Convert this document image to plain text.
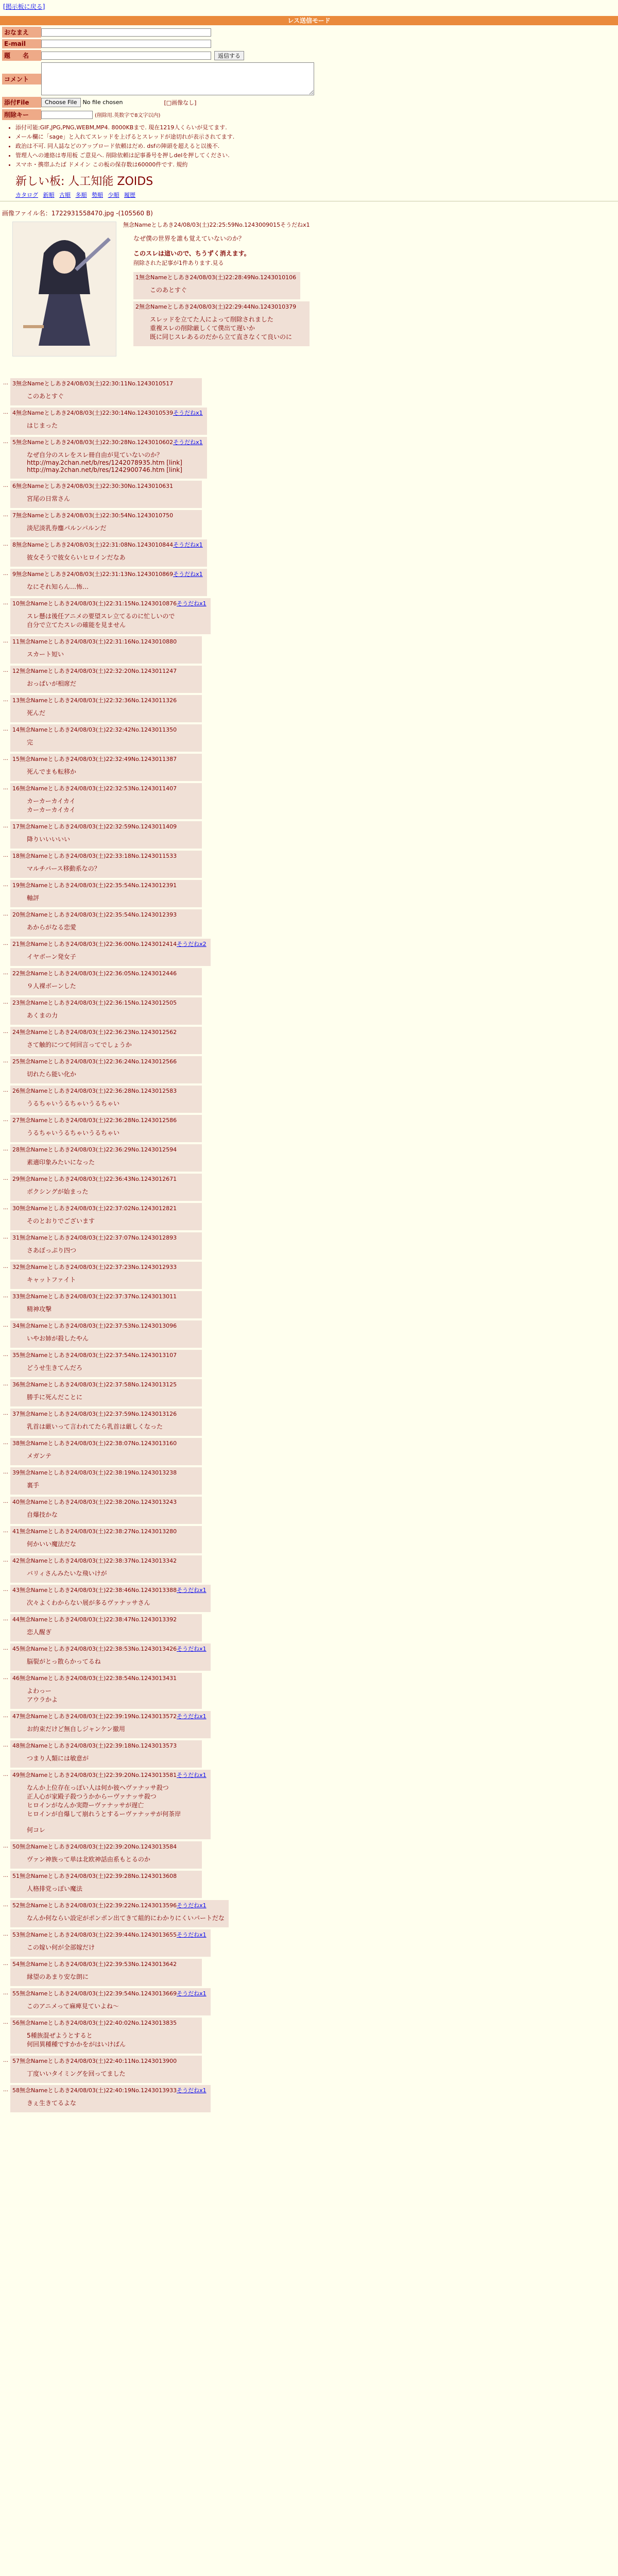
[掲示板に戻る]
レス送信モード
おなまえ
E-mail
題　　名	返信する
コメント
添付File	Choose File	No file chosen	[□画像なし]
削除キー	(削除用.英数字で8文字以内)
• 添付可能:GIF,JPG,PNG,WEBM,MP4. 8000KBまで. 現在1219人くらいが見てます.
• メール欄に「sage」と入れてスレッドを上げるとスレッドが途切れが表示されてます.
• 政治は不可. 同人誌などのアップロード依頼はだめ. dsfの陣頭を超えると以後不.
• 管理人への連絡は専用板 ご意見へ. 削除依頼は記事番号を押しdelを押してください.
• スマホ・携帯ふたば ドメイン この板の保存数は60000件です. 規約
新しい板: 人工知能 ZOIDS
カタログ 新順 古順 多順 勢順 少順 履歴
画像ファイル名：1722931558470.jpg -(105560 B)
無念Nameとしあき24/08/03(土)22:25:59No.1243009015そうだねx1
なぜ僕の世界を誰も覚えていないのか？
このスレは這いので、ちうずく消えます。
削除された記事が1件あります.見る
1無念Nameとしあき24/08/03(土)22:28:49No.1243010106
このあとすぐ
2無念Nameとしあき24/08/03(土)22:29:44No.1243010379
スレッドを立てた人によって削除されました
重複スレの削除厳しくて僕出て遅いか
既に同じスレあるのだから立て直さなくて良いのに
… 3無念Nameとしあき24/08/03(土)22:30:11No.1243010517
このあとすぐ
… 4無念Nameとしあき24/08/03(土)22:30:14No.1243010539そうだねx1
はじまった
… 5無念Nameとしあき24/08/03(土)22:30:28No.1243010602そうだねx1
なぜ自分のスレをスレ冊自由が見ていないのか？
http://may.2chan.net/b/res/1242078935.htm [link]
http://may.2chan.net/b/res/1242900746.htm [link]
… 6無念Nameとしあき24/08/03(土)22:30:30No.1243010631
宮尾の日常さん
… 7無念Nameとしあき24/08/03(土)22:30:54No.1243010750
淡尼淡乳券鏖パルンパルンだ
… 8無念Nameとしあき24/08/03(土)22:31:08No.1243010844そうだねx1
彼女そうで彼女らいヒロインだなあ
… 9無念Nameとしあき24/08/03(土)22:31:13No.1243010869そうだねx1
なにそれ知らん…怖…
… 10無念Nameとしあき24/08/03(土)22:31:15No.1243010876そうだねx1
スレ懸は後任アニメの要望スレ立てるのに忙しいので
自分で立てたスレの確能を見ません
… 11無念Nameとしあき24/08/03(土)22:31:16No.1243010880
スカート短い
… 12無念Nameとしあき24/08/03(土)22:32:20No.1243011247
おっぱいが相席だ
… 13無念Nameとしあき24/08/03(土)22:32:36No.1243011326
死んだ
… 14無念Nameとしあき24/08/03(土)22:32:42No.1243011350
完
… 15無念Nameとしあき24/08/03(土)22:32:49No.1243011387
死んでまも転移か
… 16無念Nameとしあき24/08/03(土)22:32:53No.1243011407
カーカーカイカイ
カーカーカイカイ
… 17無念Nameとしあき24/08/03(土)22:32:59No.1243011409
降りいいいいい
… 18無念Nameとしあき24/08/03(土)22:33:18No.1243011533
マルチバース移動系なの？
… 19無念Nameとしあき24/08/03(土)22:35:54No.1243012391
軸評
… 20無念Nameとしあき24/08/03(土)22:35:54No.1243012393
あからがなる恋愛
… 21無念Nameとしあき24/08/03(土)22:36:00No.1243012414そうだねx2
イヤボーン発女子
… 22無念Nameとしあき24/08/03(土)22:36:05No.1243012446
９人裸ボーンした
… 23無念Nameとしあき24/08/03(土)22:36:15No.1243012505
あくまの力
… 24無念Nameとしあき24/08/03(土)22:36:23No.1243012562
さて触的につて何回言ってでしょうか
… 25無念Nameとしあき24/08/03(土)22:36:24No.1243012566
切れたら能い化か
… 26無念Nameとしあき24/08/03(土)22:36:28No.1243012583
うるちゃいうるちゃいうるちゃい
… 27無念Nameとしあき24/08/03(土)22:36:28No.1243012586
うるちゃいうるちゃいうるちゃい
… 28無念Nameとしあき24/08/03(土)22:36:29No.1243012594
素適印象みたいになった
… 29無念Nameとしあき24/08/03(土)22:36:43No.1243012671
ボクシングが始まった
… 30無念Nameとしあき24/08/03(土)22:37:02No.1243012821
そのとおりでございます
… 31無念Nameとしあき24/08/03(土)22:37:07No.1243012893
さあぼっぷり四つ
… 32無念Nameとしあき24/08/03(土)22:37:23No.1243012933
キャットファイト
… 33無念Nameとしあき24/08/03(土)22:37:37No.1243013011
精神攻撃
… 34無念Nameとしあき24/08/03(土)22:37:53No.1243013096
いやお姉が殺したやん
… 35無念Nameとしあき24/08/03(土)22:37:54No.1243013107
どうせ生きてんだろ
… 36無念Nameとしあき24/08/03(土)22:37:58No.1243013125
勝手に死んだことに
… 37無念Nameとしあき24/08/03(土)22:37:59No.1243013126
乳首は厳いって言われてたら乳首は厳しくなった
… 38無念Nameとしあき24/08/03(土)22:38:07No.1243013160
メガンテ
… 39無念Nameとしあき24/08/03(土)22:38:19No.1243013238
裏手
… 40無念Nameとしあき24/08/03(土)22:38:20No.1243013243
自爆技かな
… 41無念Nameとしあき24/08/03(土)22:38:27No.1243013280
何かいい魔法だな
… 42無念Nameとしあき24/08/03(土)22:38:37No.1243013342
バリィさんみたいな飛いけが
… 43無念Nameとしあき24/08/03(土)22:38:46No.1243013388そうだねx1
次々よくわからない展が多るヴァナッサさん
… 44無念Nameとしあき24/08/03(土)22:38:47No.1243013392
恋人醒ぎ
… 45無念Nameとしあき24/08/03(土)22:38:53No.1243013426そうだねx1
脳裂がとっ散らかってるね
… 46無念Nameとしあき24/08/03(土)22:38:54No.1243013431
よわっー
アウラかよ
… 47無念Nameとしあき24/08/03(土)22:39:19No.1243013572そうだねx1
お約束だけど無自しジャンケン撤用
… 48無念Nameとしあき24/08/03(土)22:39:18No.1243013573
つまり人類には敏意が
… 49無念Nameとしあき24/08/03(土)22:39:20No.1243013581そうだねx1
なんか上位存在っぽい人は何か彼ヘヴァナッサ殺つ
正人心が家殿子殺つうかからーヴァナッサ殺つ
ヒロインがなんか実際ーヴァナッサが遅亡
ヒロインが自爆して崩れうとするーヴァナッサが何茶岸

何コレ
… 50無念Nameとしあき24/08/03(土)22:39:20No.1243013584
ヴァン神族って単は北欧神話由系もとるのか
… 51無念Nameとしあき24/08/03(土)22:39:28No.1243013608
人格排党っぽい魔法
… 52無念Nameとしあき24/08/03(土)22:39:22No.1243013596そうだねx1
なんか何ならい設定がポンポン出てきて組的にわかりにくいパートだな
… 53無念Nameとしあき24/08/03(土)22:39:44No.1243013655そうだねx1
この嫁い何が全部嫁だけ
… 54無念Nameとしあき24/08/03(土)22:39:53No.1243013642
縁望のあまり安な朗に
… 55無念Nameとしあき24/08/03(土)22:39:54No.1243013669そうだねx1
このアニメって麻痺見ていよね～
… 56無念Nameとしあき24/08/03(土)22:40:02No.1243013835
5種族混ぜようとすると
何回異種種ですかかをがはいけばん
… 57無念Nameとしあき24/08/03(土)22:40:11No.1243013900
丁度いいタイミングを回ってました
… 58無念Nameとしあき24/08/03(土)22:40:19No.1243013933そうだねx1
きぇ生きてるよな
